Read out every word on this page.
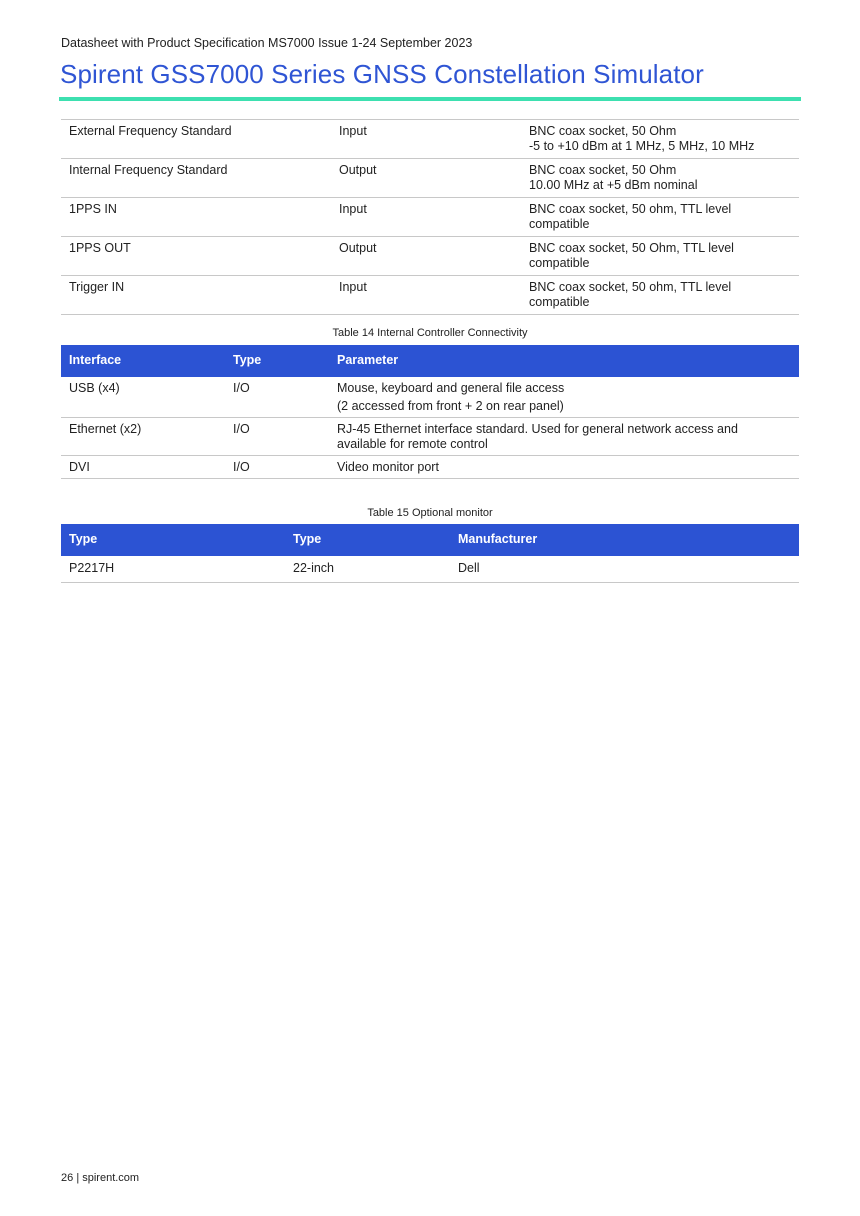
Datasheet with Product Specification MS7000 Issue 1-24 September 2023
Spirent GSS7000 Series GNSS Constellation Simulator
External Frequency Standard	Input	BNC coax socket, 50 Ohm
-5 to +10 dBm at 1 MHz, 5 MHz, 10 MHz

Internal Frequency Standard	Output	BNC coax socket, 50 Ohm
10.00 MHz at +5 dBm nominal

1PPS IN	Input	BNC coax socket, 50 ohm, TTL level
compatible

1PPS OUT	Output	BNC coax socket, 50 Ohm, TTL level
compatible

Trigger IN	Input	BNC coax socket, 50 ohm, TTL level
compatible
Table 14 Internal Controller Connectivity
Interface	Type	Parameter
USB (x4)	I/O	Mouse, keyboard and general file access
(2 accessed from front + 2 on rear panel)

Ethernet (x2)	I/O	RJ-45 Ethernet interface standard. Used for general network access and
available for remote control

DVI	I/O	Video monitor port
Table 15 Optional monitor
Type	Type	Manufacturer
P2217H	22-inch	Dell
26 | spirent.com
